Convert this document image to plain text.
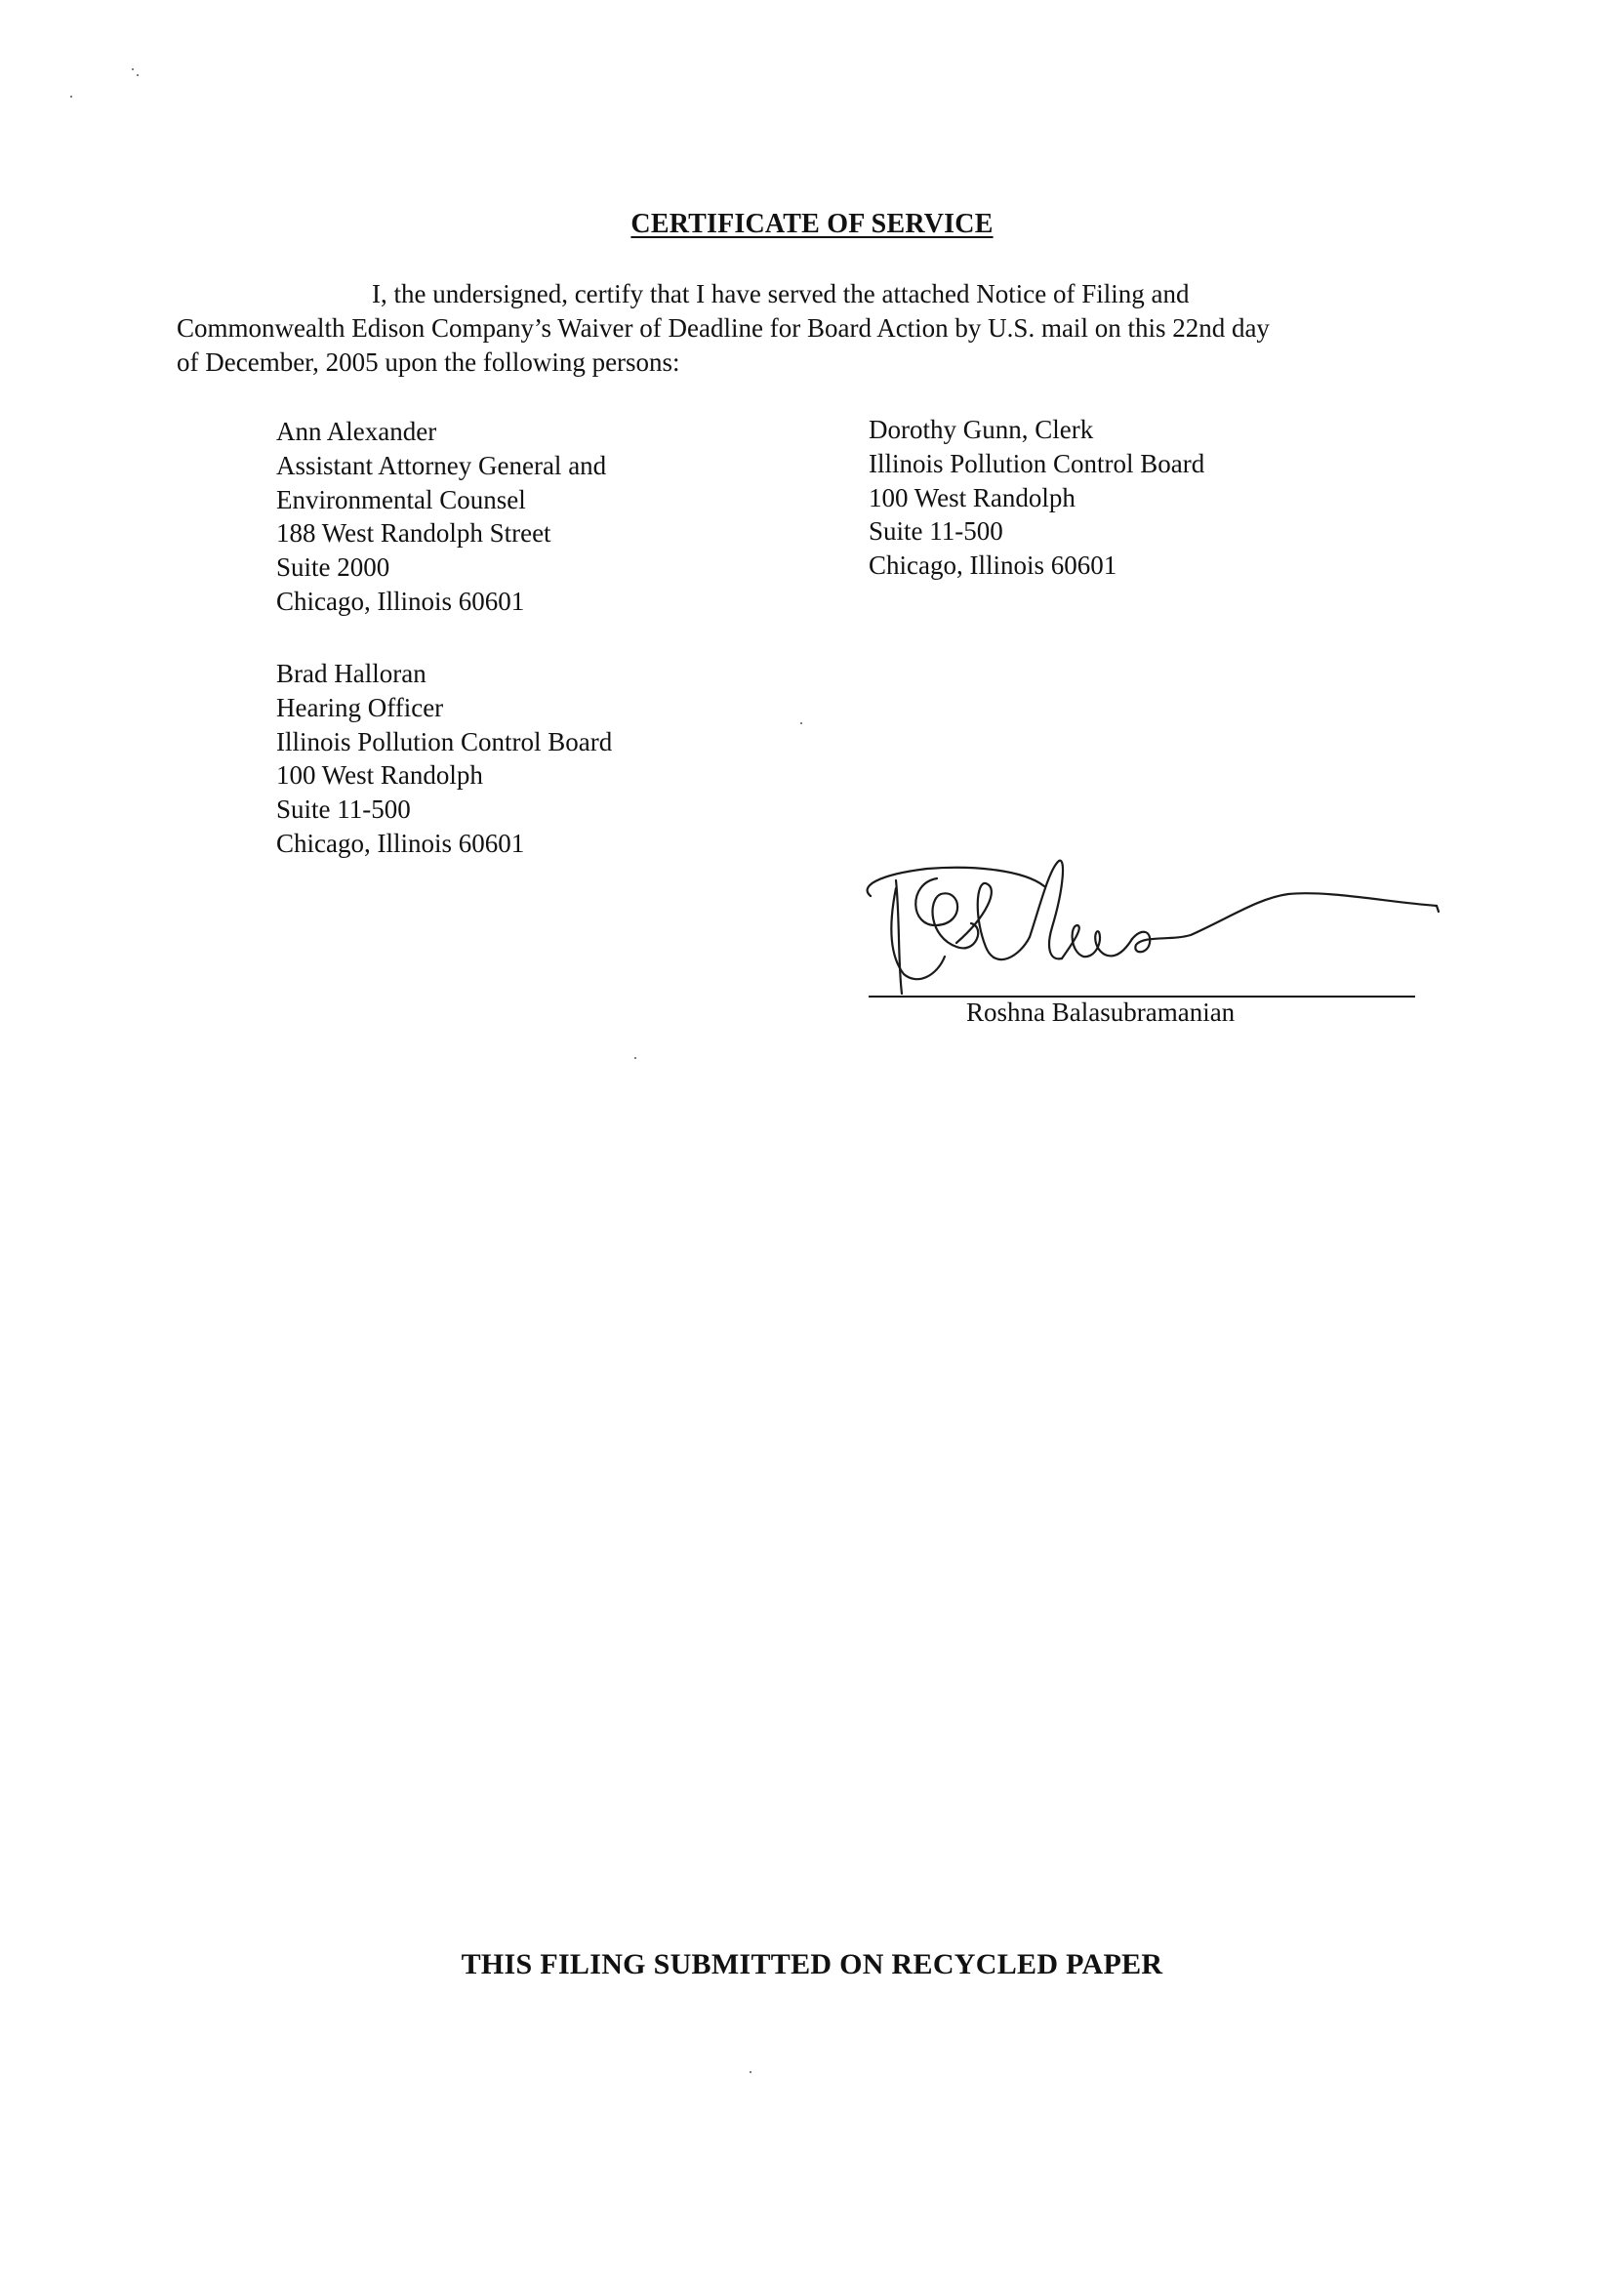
CERTIFICATE OF SERVICE
I, the undersigned, certify that I have served the attached Notice of Filing and
Commonwealth Edison Company’s Waiver of Deadline for Board Action by U.S. mail on this 22nd day
of December, 2005 upon the following persons:
Ann Alexander
Assistant Attorney General and
Environmental Counsel
188 West Randolph Street
Suite 2000
Chicago, Illinois 60601
Dorothy Gunn, Clerk
Illinois Pollution Control Board
100 West Randolph
Suite 11-500
Chicago, Illinois 60601
Brad Halloran
Hearing Officer
Illinois Pollution Control Board
100 West Randolph
Suite 11-500
Chicago, Illinois 60601
Roshna Balasubramanian
THIS FILING SUBMITTED ON RECYCLED PAPER
